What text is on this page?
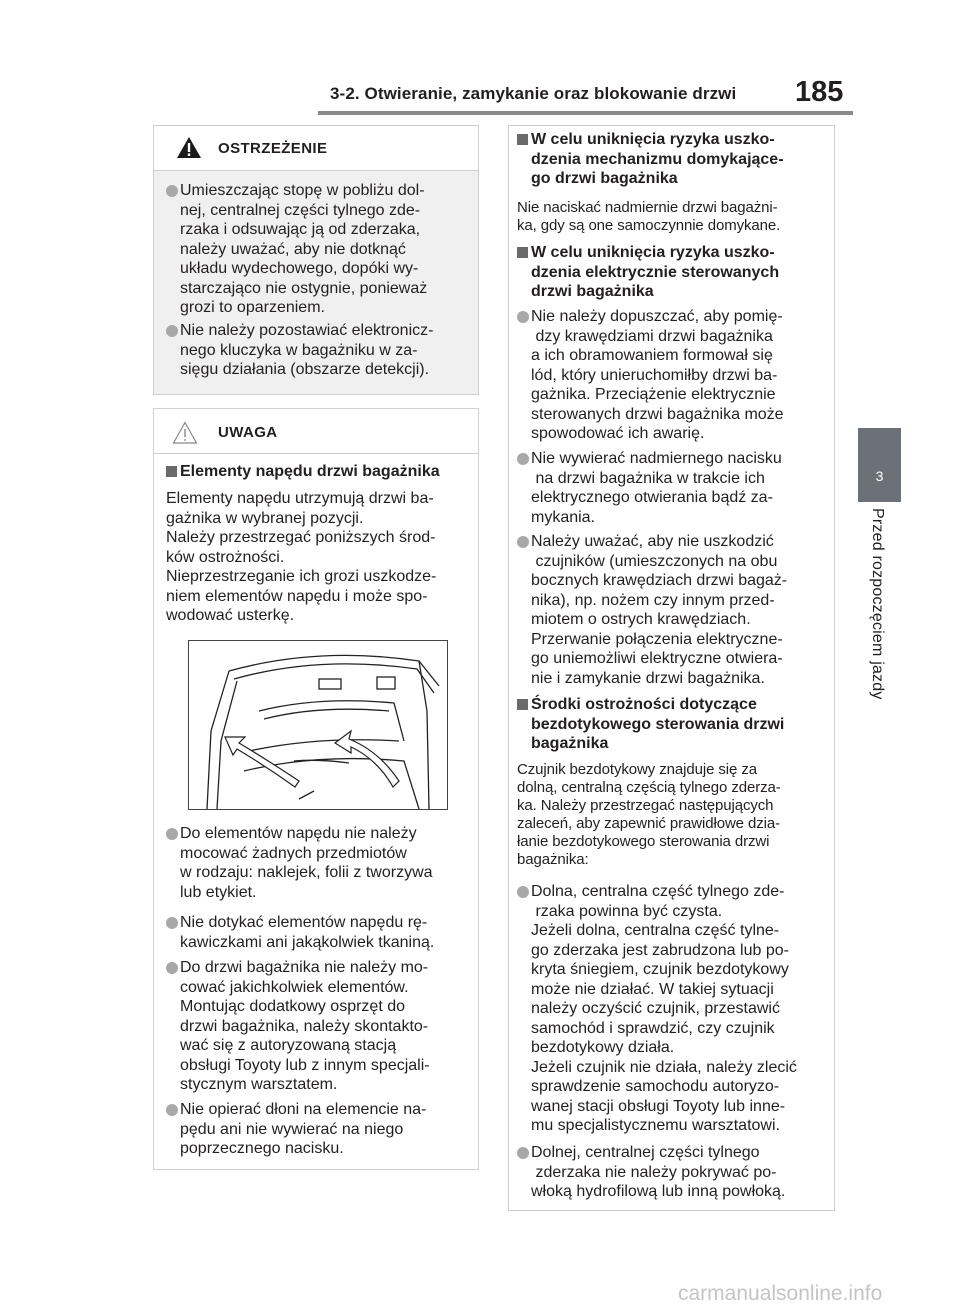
3-2. Otwieranie, zamykanie oraz blokowanie drzwi 185
3
Przed rozpoczęciem jazdy
OSTRZEŻENIE
Umieszczając stopę w pobliżu dol-
nej, centralnej części tylnego zde-
rzaka i odsuwając ją od zderzaka,
należy uważać, aby nie dotknąć
układu wydechowego, dopóki wy-
starczająco nie ostygnie, ponieważ
grozi to oparzeniem.
Nie należy pozostawiać elektronicz-
nego kluczyka w bagażniku w za-
sięgu działania (obszarze detekcji).
UWAGA
Elementy napędu drzwi bagażnika
Elementy napędu utrzymują drzwi ba-
gażnika w wybranej pozycji.
Należy przestrzegać poniższych środ-
ków ostrożności.
Nieprzestrzeganie ich grozi uszkodze-
niem elementów napędu i może spo-
wodować usterkę.
Do elementów napędu nie należy
mocować żadnych przedmiotów
w rodzaju: naklejek, folii z tworzywa
lub etykiet.
Nie dotykać elementów napędu rę-
kawiczkami ani jakąkolwiek tkaniną.
Do drzwi bagażnika nie należy mo-
cować jakichkolwiek elementów.
Montując dodatkowy osprzęt do
drzwi bagażnika, należy skontakto-
wać się z autoryzowaną stacją
obsługi Toyoty lub z innym specjali-
stycznym warsztatem.
Nie opierać dłoni na elemencie na-
pędu ani nie wywierać na niego
poprzecznego nacisku.
W celu uniknięcia ryzyka uszko-
dzenia mechanizmu domykające-
go drzwi bagażnika
Nie naciskać nadmiernie drzwi bagażni-
ka, gdy są one samoczynnie domykane.
W celu uniknięcia ryzyka uszko-
dzenia elektrycznie sterowanych
drzwi bagażnika
Nie należy dopuszczać, aby pomię-
dzy krawędziami drzwi bagażnika
a ich obramowaniem formował się
lód, który unieruchomiłby drzwi ba-
gażnika. Przeciążenie elektrycznie
sterowanych drzwi bagażnika może
spowodować ich awarię.
Nie wywierać nadmiernego nacisku
na drzwi bagażnika w trakcie ich
elektrycznego otwierania bądź za-
mykania.
Należy uważać, aby nie uszkodzić
czujników (umieszczonych na obu
bocznych krawędziach drzwi bagaż-
nika), np. nożem czy innym przed-
miotem o ostrych krawędziach.
Przerwanie połączenia elektryczne-
go uniemożliwi elektryczne otwiera-
nie i zamykanie drzwi bagażnika.
Środki ostrożności dotyczące
bezdotykowego sterowania drzwi
bagażnika
Czujnik bezdotykowy znajduje się za
dolną, centralną częścią tylnego zderza-
ka. Należy przestrzegać następujących
zaleceń, aby zapewnić prawidłowe dzia-
łanie bezdotykowego sterowania drzwi
bagażnika:
Dolna, centralna część tylnego zde-
rzaka powinna być czysta.
Jeżeli dolna, centralna część tylne-
go zderzaka jest zabrudzona lub po-
kryta śniegiem, czujnik bezdotykowy
może nie działać. W takiej sytuacji
należy oczyścić czujnik, przestawić
samochód i sprawdzić, czy czujnik
bezdotykowy działa.
Jeżeli czujnik nie działa, należy zlecić
sprawdzenie samochodu autoryzo-
wanej stacji obsługi Toyoty lub inne-
mu specjalistycznemu warsztatowi.
Dolnej, centralnej części tylnego
zderzaka nie należy pokrywać po-
włoką hydrofilową lub inną powłoką.
carmanualsonline.info
